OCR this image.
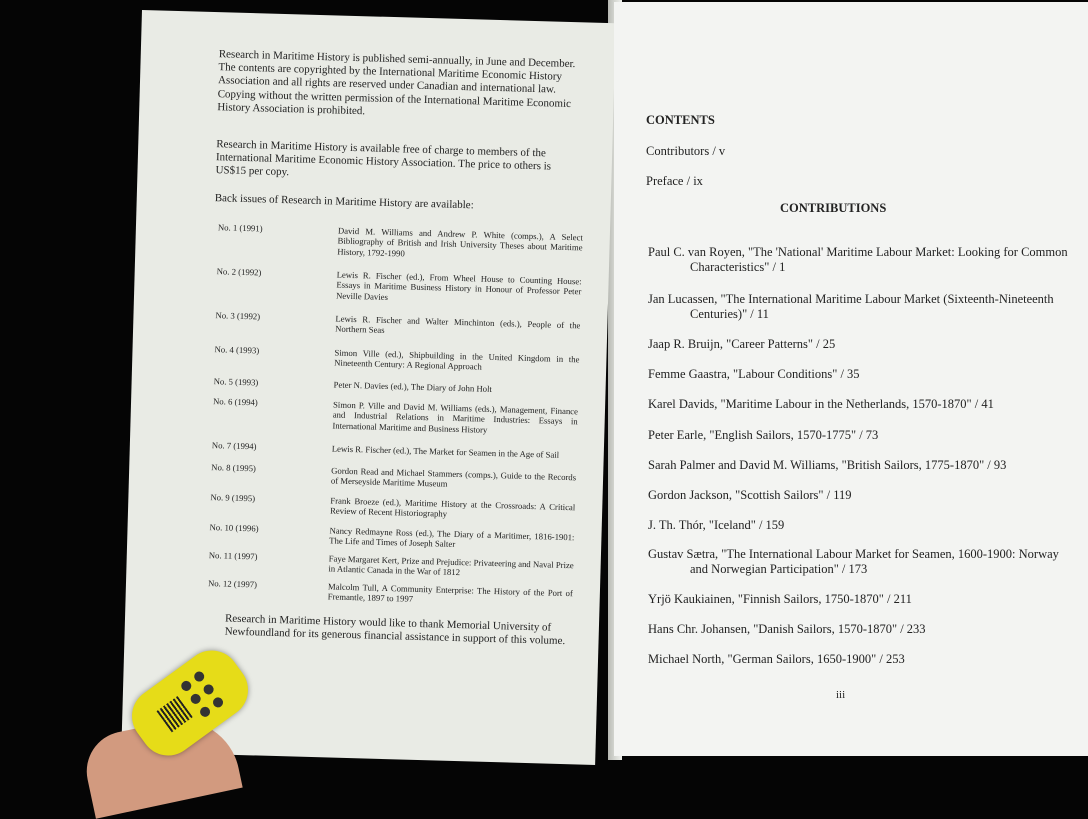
Research in Maritime History is published semi-annually, in June and December. The contents are copyrighted by the International Maritime Economic History Association and all rights are reserved under Canadian and international law. Copying without the written permission of the International Maritime Economic History Association is prohibited.
Research in Maritime History is available free of charge to members of the International Maritime Economic History Association. The price to others is US$15 per copy.
Back issues of Research in Maritime History are available:
No. 1 (1991)	David M. Williams and Andrew P. White (comps.), A Select Bibliography of British and Irish University Theses about Maritime History, 1792-1990
No. 2 (1992)	Lewis R. Fischer (ed.), From Wheel House to Counting House: Essays in Maritime Business History in Honour of Professor Peter Neville Davies
No. 3 (1992)	Lewis R. Fischer and Walter Minchinton (eds.), People of the Northern Seas
No. 4 (1993)	Simon Ville (ed.), Shipbuilding in the United Kingdom in the Nineteenth Century: A Regional Approach
No. 5 (1993)	Peter N. Davies (ed.), The Diary of John Holt
No. 6 (1994)	Simon P. Ville and David M. Williams (eds.), Management, Finance and Industrial Relations in Maritime Industries: Essays in International Maritime and Business History
No. 7 (1994)	Lewis R. Fischer (ed.), The Market for Seamen in the Age of Sail
No. 8 (1995)	Gordon Read and Michael Stammers (comps.), Guide to the Records of Merseyside Maritime Museum
No. 9 (1995)	Frank Broeze (ed.), Maritime History at the Crossroads: A Critical Review of Recent Historiography
No. 10 (1996)	Nancy Redmayne Ross (ed.), The Diary of a Maritimer, 1816-1901: The Life and Times of Joseph Salter
No. 11 (1997)	Faye Margaret Kert, Prize and Prejudice: Privateering and Naval Prize in Atlantic Canada in the War of 1812
No. 12 (1997)	Malcolm Tull, A Community Enterprise: The History of the Port of Fremantle, 1897 to 1997
Research in Maritime History would like to thank Memorial University of Newfoundland for its generous financial assistance in support of this volume.
CONTENTS
Contributors / v
Preface / ix
CONTRIBUTIONS
Paul C. van Royen, "The 'National' Maritime Labour Market: Looking for Common Characteristics" / 1
Jan Lucassen, "The International Maritime Labour Market (Sixteenth-Nineteenth Centuries)" / 11
Jaap R. Bruijn, "Career Patterns" / 25
Femme Gaastra, "Labour Conditions" / 35
Karel Davids, "Maritime Labour in the Netherlands, 1570-1870" / 41
Peter Earle, "English Sailors, 1570-1775" / 73
Sarah Palmer and David M. Williams, "British Sailors, 1775-1870" / 93
Gordon Jackson, "Scottish Sailors" / 119
J. Th. Thór, "Iceland" / 159
Gustav Sætra, "The International Labour Market for Seamen, 1600-1900: Norway and Norwegian Participation" / 173
Yrjö Kaukiainen, "Finnish Sailors, 1750-1870" / 211
Hans Chr. Johansen, "Danish Sailors, 1570-1870" / 233
Michael North, "German Sailors, 1650-1900" / 253
iii
